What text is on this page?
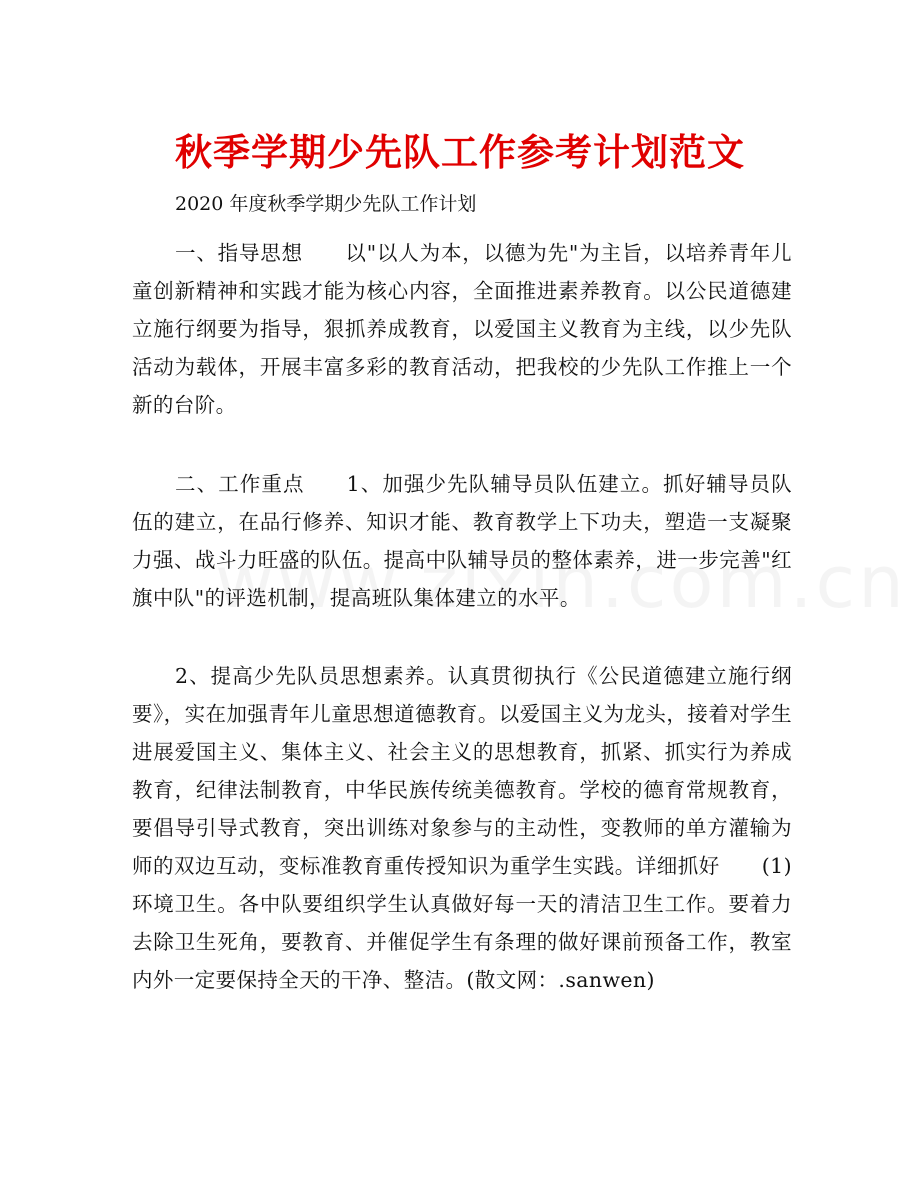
秋季学期少先队工作参考计划范文

2020 年度秋季学期少先队工作计划

一、指导思想 以"以人为本，以德为先"为主旨，以培养青年儿童创新精神和实践才能为核心内容，全面推进素养教育。以公民道德建立施行纲要为指导，狠抓养成教育，以爱国主义教育为主线，以少先队活动为载体，开展丰富多彩的教育活动，把我校的少先队工作推上一个新的台阶。

二、工作重点 1、加强少先队辅导员队伍建立。抓好辅导员队伍的建立，在品行修养、知识才能、教育教学上下功夫，塑造一支凝聚力强、战斗力旺盛的队伍。提高中队辅导员的整体素养，进一步完善"红旗中队"的评选机制，提高班队集体建立的水平。

2、提高少先队员思想素养。认真贯彻执行《公民道德建立施行纲要》，实在加强青年儿童思想道德教育。以爱国主义为龙头，接着对学生进展爱国主义、集体主义、社会主义的思想教育，抓紧、抓实行为养成教育，纪律法制教育，中华民族传统美德教育。学校的德育常规教育，要倡导引导式教育，突出训练对象参与的主动性，变教师的单方灌输为师的双边互动，变标准教育重传授知识为重学生实践。详细抓好 (1)环境卫生。各中队要组织学生认真做好每一天的清洁卫生工作。要着力去除卫生死角，要教育、并催促学生有条理的做好课前预备工作，教室内外一定要保持全天的干净、整洁。(散文网：.sanwen)
